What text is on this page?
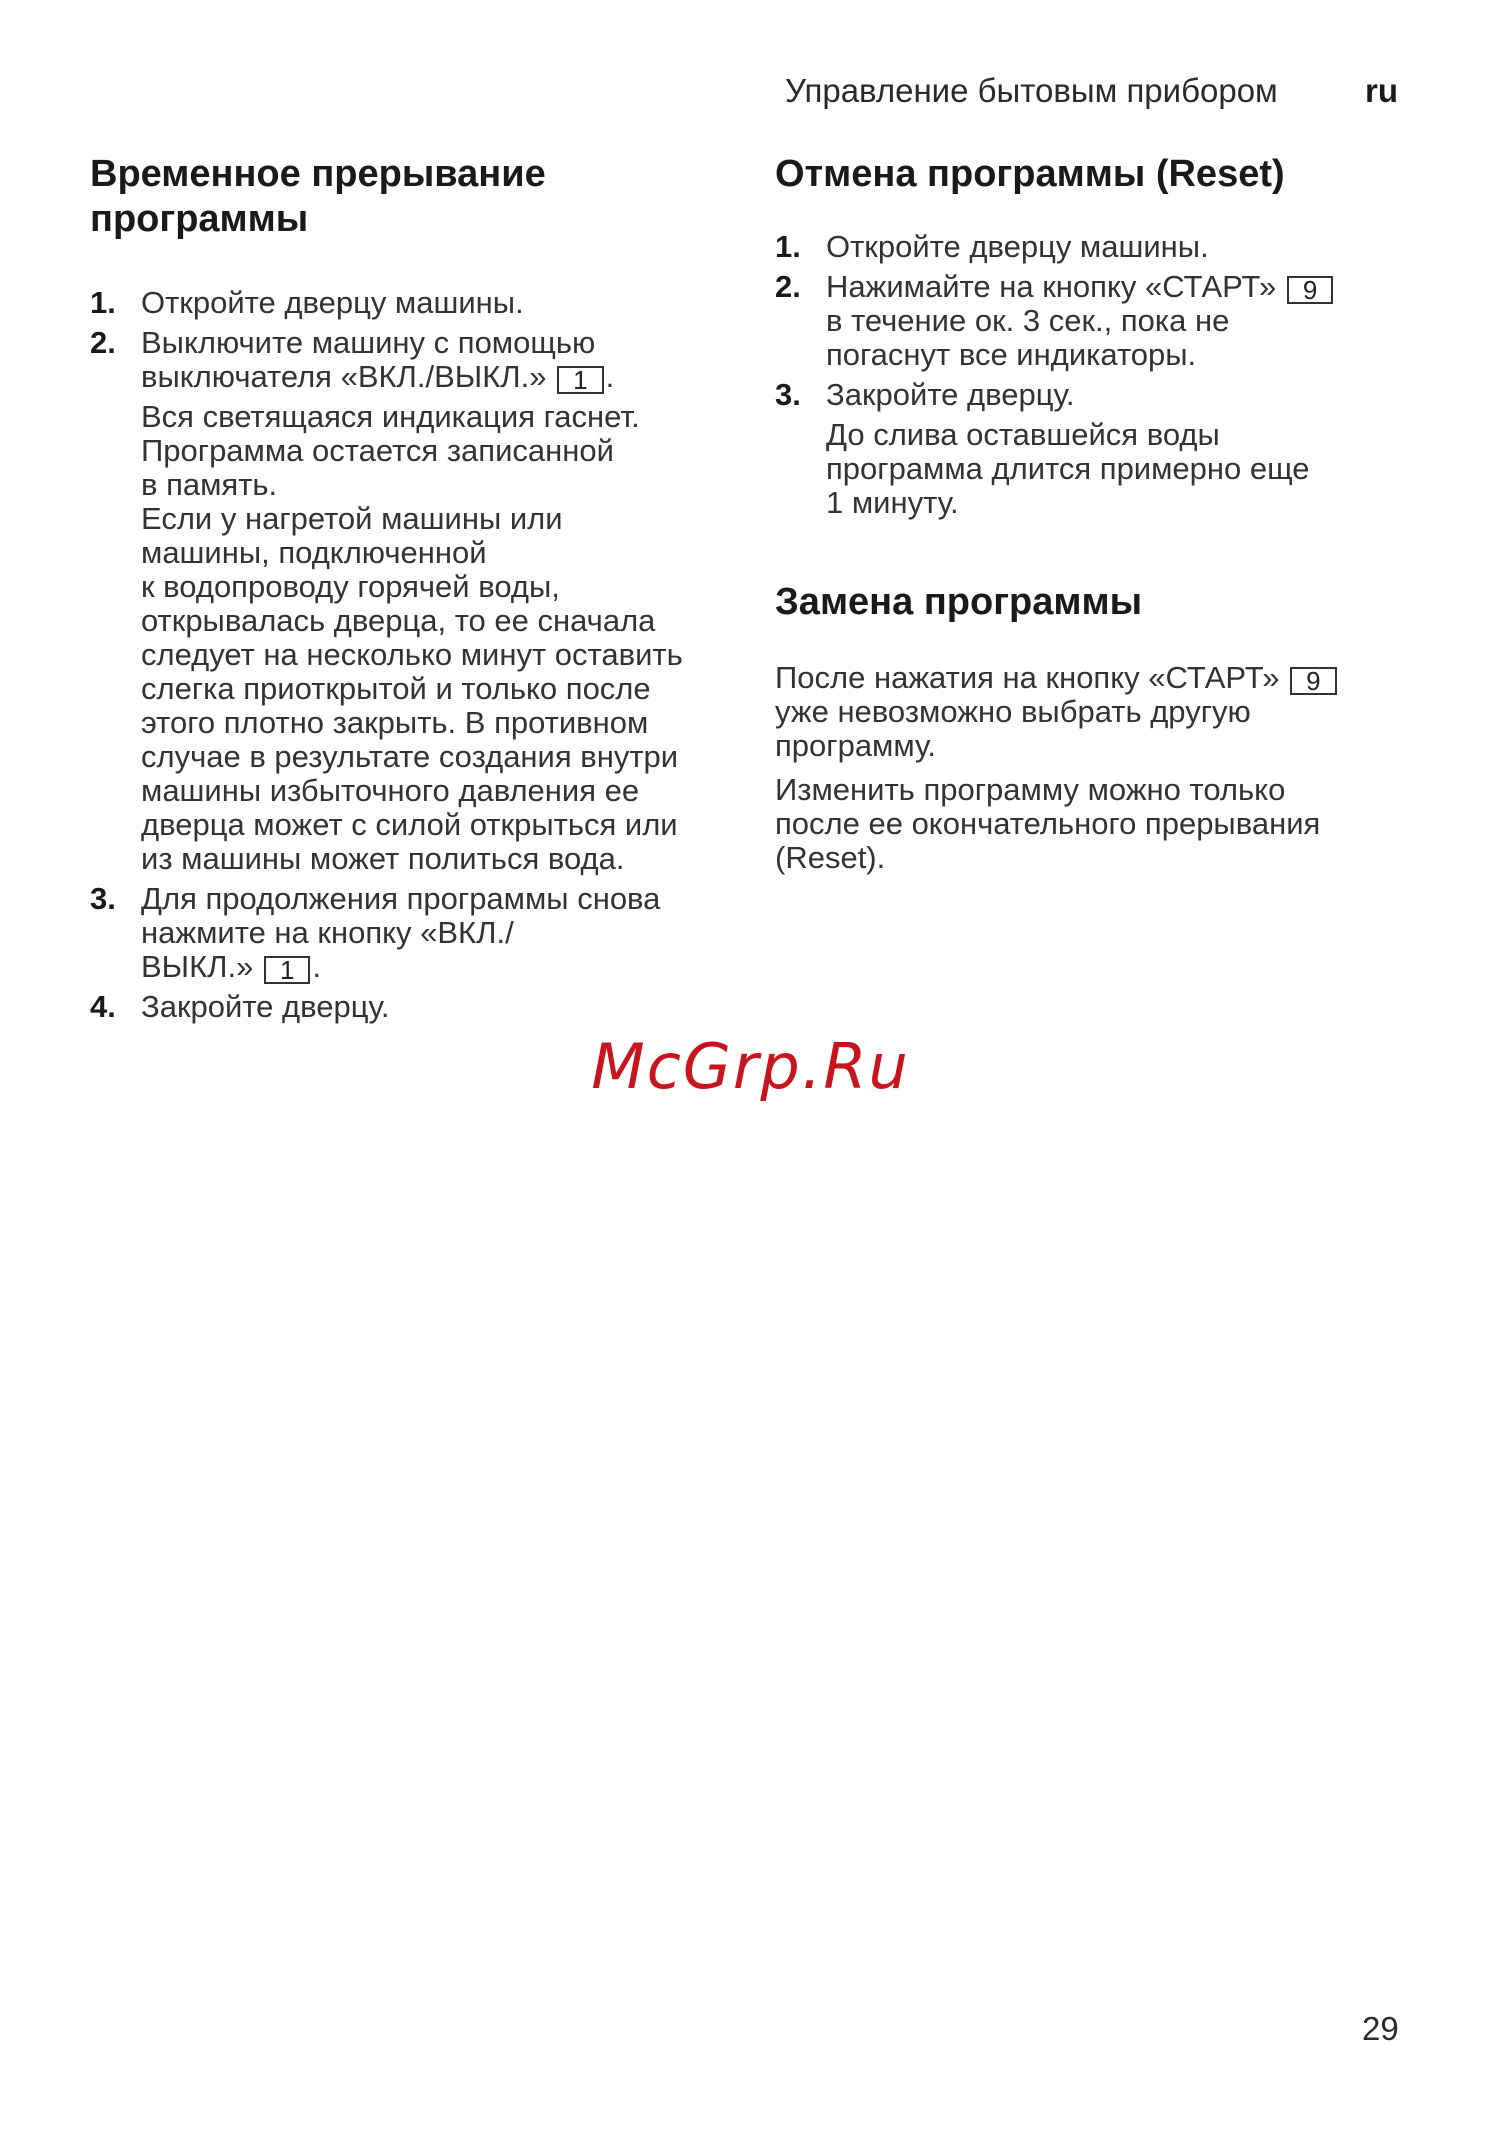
Управление бытовым прибором	ru
Временное прерывание
программы
1. Откройте дверцу машины.
2. Выключите машину с помощью
выключателя «ВКЛ./ВЫКЛ.» 1 .
Вся светящаяся индикация гаснет.
Программа остается записанной
в память.
Если у нагретой машины или
машины, подключенной
к водопроводу горячей воды,
открывалась дверца, то ее сначала
следует на несколько минут оставить
слегка приоткрытой и только после
этого плотно закрыть. В противном
случае в результате создания внутри
машины избыточного давления ее
дверца может с силой открыться или
из машины может политься вода.
3. Для продолжения программы снова
нажмите на кнопку «ВКЛ./
ВЫКЛ.» 1 .
4. Закройте дверцу.
Отмена программы (Reset)
1. Откройте дверцу машины.
2. Нажимайте на кнопку «СТАРТ» 9
в течение ок. 3 сек., пока не
погаснут все индикаторы.
3. Закройте дверцу.
До слива оставшейся воды
программа длится примерно еще
1 минуту.
Замена программы

После нажатия на кнопку «СТАРТ» 9
уже невозможно выбрать другую
программу.

Изменить программу можно только
после ее окончательного прерывания
(Reset).

McGrp.Ru
29
